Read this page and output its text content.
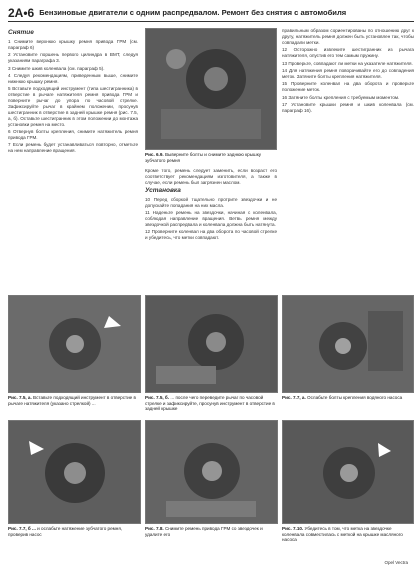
2A•6 Бензиновые двигатели с одним распредвалом. Ремонт без снятия с автомобиля
Снятие

1 Снимите верхнюю крышку ремня привода ГРМ (см. параграф 6)

2 Установите поршень первого цилиндра в ВМТ, следуя указаниям параграфа 3.

3 Снимите шкив коленвала (см. параграф 5).

4 Следуя рекомендациям, приведенным выше, снимите нижнюю крышку ремня.

5 Вставьте подходящий инструмент (типа шестигранника) в отверстие в рычаге натяжителя ремня привода ГРМ и поверните рычаг до упора по часовой стрелке. Зафиксируйте рычаг в крайнем положении, просунув шестигранник в отверстие в задней крышке ремня (рис. 7.5, а, б). Оставьте шестигранник в этом положении до монтажа установки ремня на место.

6 Отвернув болты крепления, снимите натяжитель ремня привода ГРМ.

7 Если ремень будет устанавливаться повторно, отметьте на нем направление вращения.

Рис. 6.9. Выверните болты и снимите заднюю крышку зубчатого ремня

Кроме того, ремень следует заменить, если возраст его соответствует рекомендациям изготовителя, а также в случае, если ремень был загрязнен маслом.

Установка

10 Перед сборкой тщательно протрите звездочки и не допускайте попадания на них масла.

11 Наденьте ремень на звездочки, начиная с коленвала, соблюдая направление вращения. Ветвь ремня между звездочкой распредвала и коленвала должна быть натянута.

12 Проверните коленвал на два оборота по часовой стрелке и убедитесь, что метки совпадают.

правильным образом сориентированы по отношению друг к другу, натяжитель ремня должен быть установлен так, чтобы совпадали метки.

12 Осторожно извлеките шестигранник из рычага натяжителя, опустив его тем самым пружину.

13 Проверьте, совпадают ли метки на указателе натяжителя.

14 Для натяжения ремня поворачивайте его до совпадения меток. Затяните болты крепления натяжителя.

15 Проверните коленвал на два оборота и проверьте положение меток.

16 Затяните болты крепления с требуемым моментом.

17 Установите крышки ремня и шкив коленвала (см. параграф 16).

Рис. 7.5, а. Вставьте подходящий инструмент в отверстие в рычаге натяжителя (указано стрелкой) ...
Рис. 7.5, б. ... после чего переведите рычаг по часовой стрелке и зафиксируйте, просунув инструмент в отверстие в задней крышке
Рис. 7.7, а. Ослабьте болты крепления водяного насоса
Рис. 7.7, б ... и ослабьте натяжение зубчатого ремня, проверив насос
Рис. 7.8. Снимите ремень привода ГРМ со звездочек и удалите его
Рис. 7.10. Убедитесь в том, что метка на звездочке коленвала совместилась с меткой на крышке масляного насоса
Opel Vectra
